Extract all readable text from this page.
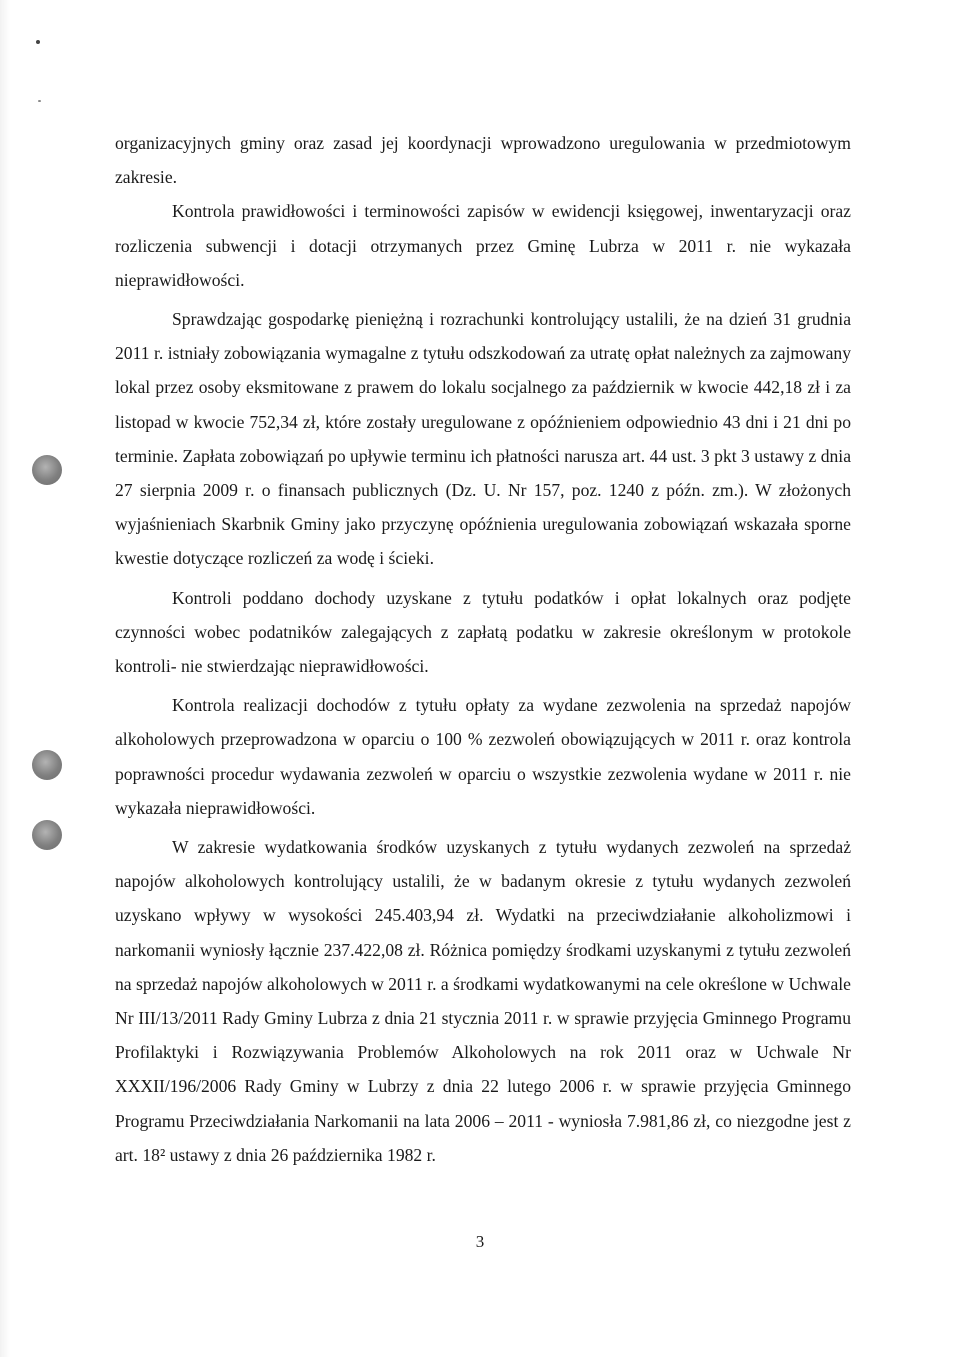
organizacyjnych gminy oraz zasad jej koordynacji wprowadzono uregulowania w przedmiotowym zakresie.

Kontrola prawidłowości i terminowości zapisów w ewidencji księgowej, inwentaryzacji oraz rozliczenia subwencji i dotacji otrzymanych przez Gminę Lubrza w 2011 r. nie wykazała nieprawidłowości.

Sprawdzając gospodarkę pieniężną i rozrachunki kontrolujący ustalili, że na dzień 31 grudnia 2011 r. istniały zobowiązania wymagalne z tytułu odszkodowań za utratę opłat należnych za zajmowany lokal przez osoby eksmitowane z prawem do lokalu socjalnego za październik w kwocie 442,18 zł i za listopad w kwocie 752,34 zł, które zostały uregulowane z opóźnieniem odpowiednio 43 dni i 21 dni po terminie. Zapłata zobowiązań po upływie terminu ich płatności narusza art. 44 ust. 3 pkt 3 ustawy z dnia 27 sierpnia 2009 r. o finansach publicznych (Dz. U. Nr 157, poz. 1240 z późn. zm.). W złożonych wyjaśnieniach Skarbnik Gminy jako przyczynę opóźnienia uregulowania zobowiązań wskazała sporne kwestie dotyczące rozliczeń za wodę i ścieki.

Kontroli poddano dochody uzyskane z tytułu podatków i opłat lokalnych oraz podjęte czynności wobec podatników zalegających z zapłatą podatku w zakresie określonym w protokole kontroli- nie stwierdzając nieprawidłowości.

Kontrola realizacji dochodów z tytułu opłaty za wydane zezwolenia na sprzedaż napojów alkoholowych przeprowadzona w oparciu o 100 % zezwoleń obowiązujących w 2011 r. oraz kontrola poprawności procedur wydawania zezwoleń w oparciu o wszystkie zezwolenia wydane w 2011 r. nie wykazała nieprawidłowości.

W zakresie wydatkowania środków uzyskanych z tytułu wydanych zezwoleń na sprzedaż napojów alkoholowych kontrolujący ustalili, że w badanym okresie z tytułu wydanych zezwoleń uzyskano wpływy w wysokości 245.403,94 zł. Wydatki na przeciwdziałanie alkoholizmowi i narkomanii wyniosły łącznie 237.422,08 zł. Różnica pomiędzy środkami uzyskanymi z tytułu zezwoleń na sprzedaż napojów alkoholowych w 2011 r. a środkami wydatkowanymi na cele określone w Uchwale Nr III/13/2011 Rady Gminy Lubrza z dnia 21 stycznia 2011 r. w sprawie przyjęcia Gminnego Programu Profilaktyki i Rozwiązywania Problemów Alkoholowych na rok 2011 oraz w Uchwale Nr XXXII/196/2006 Rady Gminy w Lubrzy z dnia 22 lutego 2006 r. w sprawie przyjęcia Gminnego Programu Przeciwdziałania Narkomanii na lata 2006 – 2011 - wyniosła 7.981,86 zł, co niezgodne jest z art. 18² ustawy z dnia 26 października 1982 r.

3
